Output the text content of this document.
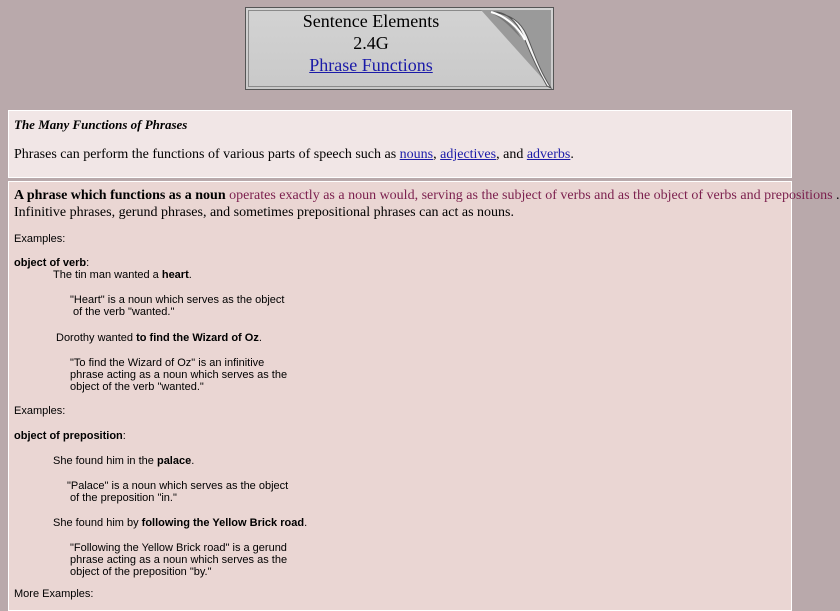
Sentence Elements
2.4G
Phrase Functions
The Many Functions of Phrases
Phrases can perform the functions of various parts of speech such as nouns, adjectives, and adverbs.
A phrase which functions as a noun operates exactly as a noun would, serving as the subject of verbs and as the object of verbs and prepositions .
Infinitive phrases, gerund phrases, and sometimes prepositional phrases can act as nouns.
Examples:
object of verb:
The tin man wanted a heart.
"Heart" is a noun which serves as the object
of the verb "wanted."
Dorothy wanted to find the Wizard of Oz.
"To find the Wizard of Oz" is an infinitive
phrase acting as a noun which serves as the
object of the verb "wanted."
Examples:
object of preposition:
She found him in the palace.
"Palace" is a noun which serves as the object
of the preposition "in."
She found him by following the Yellow Brick road.
"Following the Yellow Brick road" is a gerund
phrase acting as a noun which serves as the
object of the preposition "by."
More Examples:
